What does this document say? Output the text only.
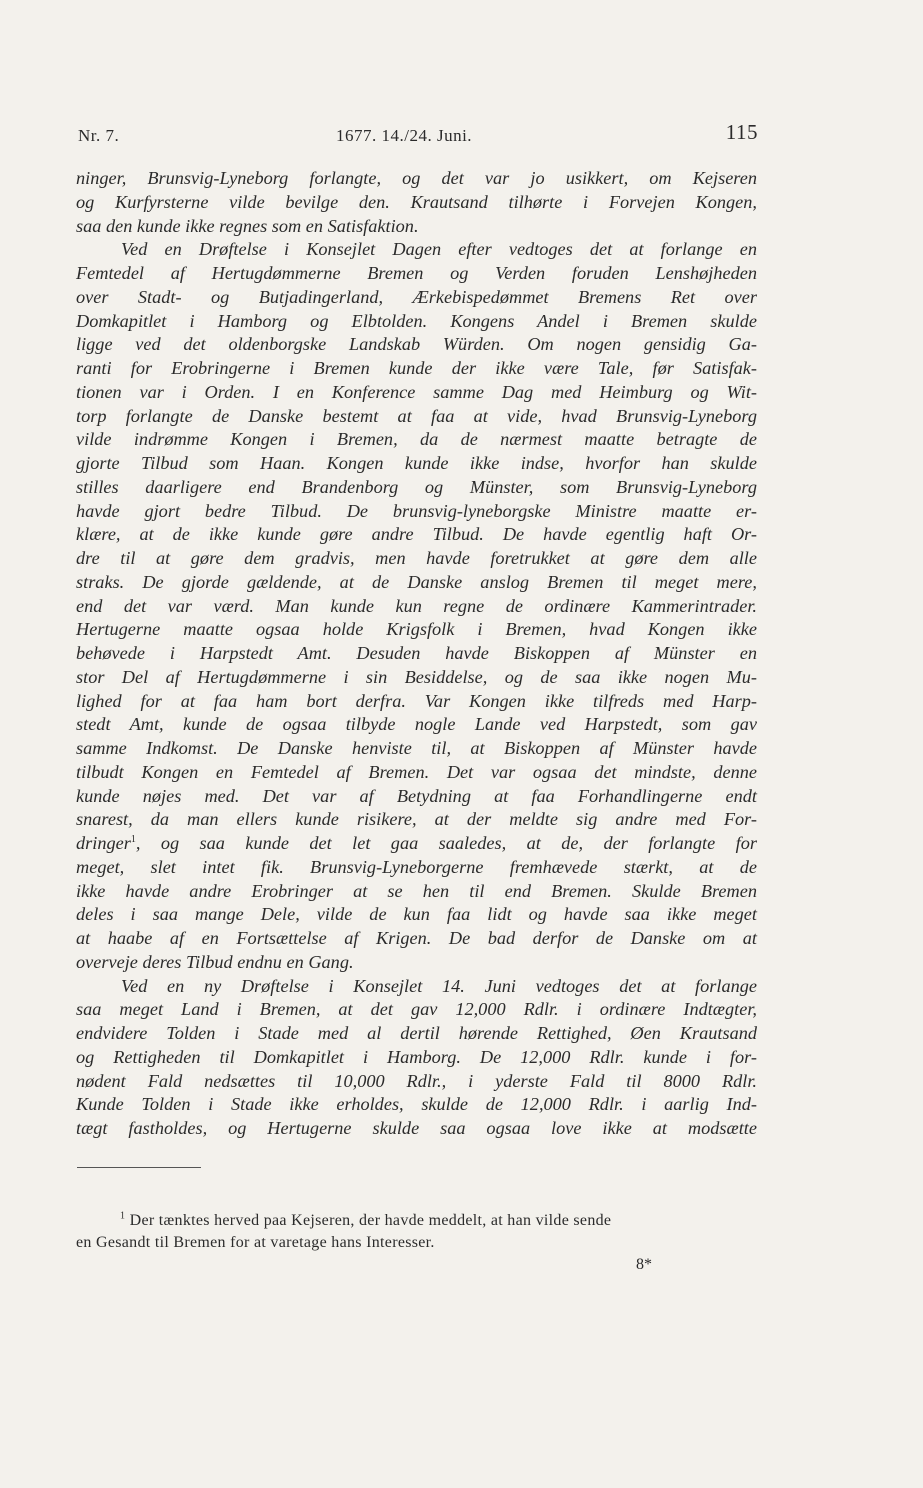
Nr. 7.	1677. 14./24. Juni.	115
ninger, Brunsvig-Lyneborg forlangte, og det var jo usikkert, om Kejseren
og Kurfyrsterne vilde bevilge den. Krautsand tilhørte i Forvejen Kongen,
saa den kunde ikke regnes som en Satisfaktion.
Ved en Drøftelse i Konsejlet Dagen efter vedtoges det at forlange en
Femtedel af Hertugdømmerne Bremen og Verden foruden Lenshøjheden
over Stadt- og Butjadingerland, Ærkebispedømmet Bremens Ret over
Domkapitlet i Hamborg og Elbtolden. Kongens Andel i Bremen skulde
ligge ved det oldenborgske Landskab Würden. Om nogen gensidig Ga-
ranti for Erobringerne i Bremen kunde der ikke være Tale, før Satisfak-
tionen var i Orden. I en Konference samme Dag med Heimburg og Wit-
torp forlangte de Danske bestemt at faa at vide, hvad Brunsvig-Lyneborg
vilde indrømme Kongen i Bremen, da de nærmest maatte betragte de
gjorte Tilbud som Haan. Kongen kunde ikke indse, hvorfor han skulde
stilles daarligere end Brandenborg og Münster, som Brunsvig-Lyneborg
havde gjort bedre Tilbud. De brunsvig-lyneborgske Ministre maatte er-
klære, at de ikke kunde gøre andre Tilbud. De havde egentlig haft Or-
dre til at gøre dem gradvis, men havde foretrukket at gøre dem alle
straks. De gjorde gældende, at de Danske anslog Bremen til meget mere,
end det var værd. Man kunde kun regne de ordinære Kammerintrader.
Hertugerne maatte ogsaa holde Krigsfolk i Bremen, hvad Kongen ikke
behøvede i Harpstedt Amt. Desuden havde Biskoppen af Münster en
stor Del af Hertugdømmerne i sin Besiddelse, og de saa ikke nogen Mu-
lighed for at faa ham bort derfra. Var Kongen ikke tilfreds med Harp-
stedt Amt, kunde de ogsaa tilbyde nogle Lande ved Harpstedt, som gav
samme Indkomst. De Danske henviste til, at Biskoppen af Münster havde
tilbudt Kongen en Femtedel af Bremen. Det var ogsaa det mindste, denne
kunde nøjes med. Det var af Betydning at faa Forhandlingerne endt
snarest, da man ellers kunde risikere, at der meldte sig andre med For-
dringer$^1$, og saa kunde det let gaa saaledes, at de, der forlangte for
meget, slet intet fik. Brunsvig-Lyneborgerne fremhævede stærkt, at de
ikke havde andre Erobringer at se hen til end Bremen. Skulde Bremen
deles i saa mange Dele, vilde de kun faa lidt og havde saa ikke meget
at haabe af en Fortsættelse af Krigen. De bad derfor de Danske om at
overveje deres Tilbud endnu en Gang.
Ved en ny Drøftelse i Konsejlet 14. Juni vedtoges det at forlange
saa meget Land i Bremen, at det gav 12,000 Rdlr. i ordinære Indtægter,
endvidere Tolden i Stade med al dertil hørende Rettighed, Øen Krautsand
og Rettigheden til Domkapitlet i Hamborg. De 12,000 Rdlr. kunde i for-
nødent Fald nedsættes til 10,000 Rdlr., i yderste Fald til 8000 Rdlr.
Kunde Tolden i Stade ikke erholdes, skulde de 12,000 Rdlr. i aarlig Ind-
tægt fastholdes, og Hertugerne skulde saa ogsaa love ikke at modsætte
$^1$ Der tænktes herved paa Kejseren, der havde meddelt, at han vilde sende
en Gesandt til Bremen for at varetage hans Interesser.
8*
